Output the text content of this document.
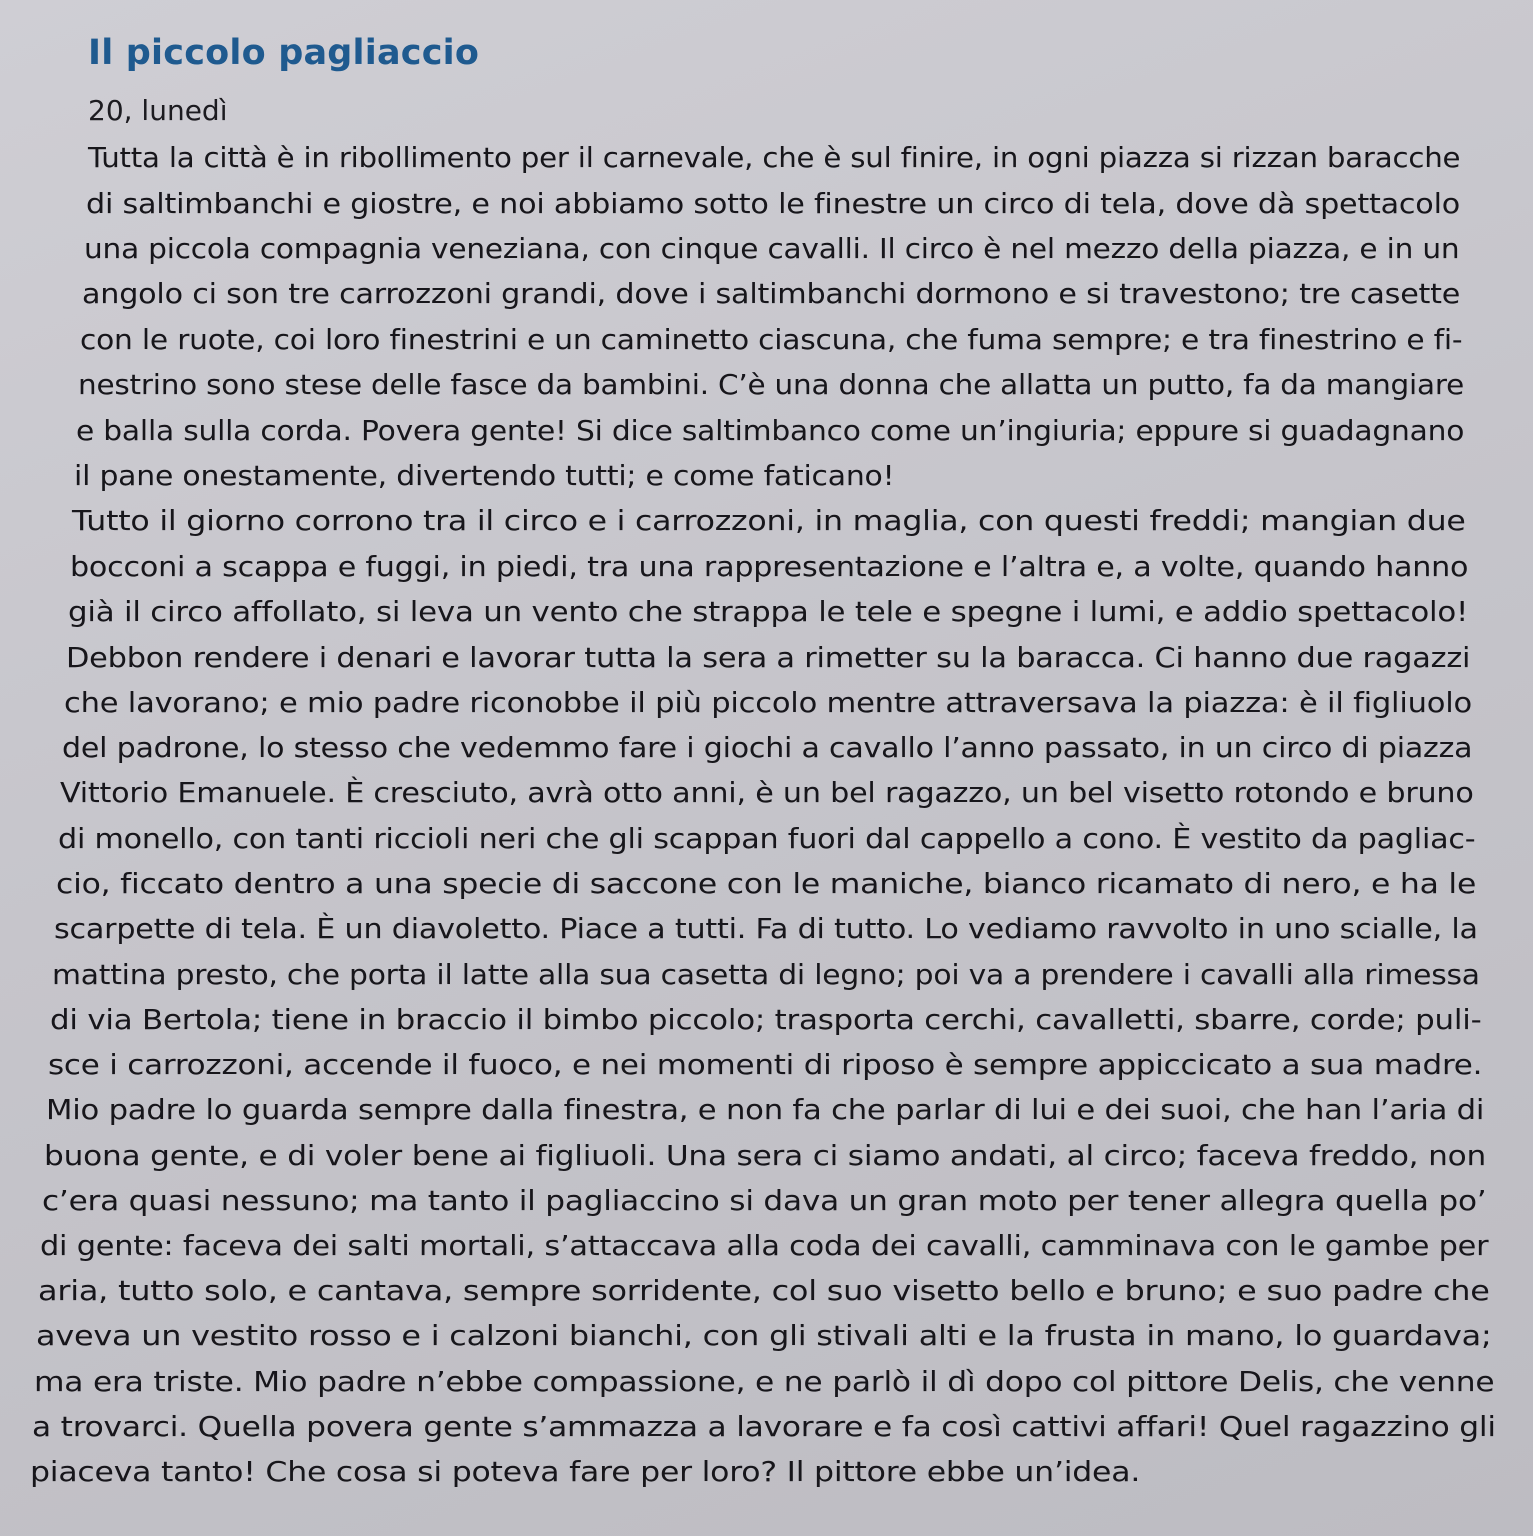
Il piccolo pagliaccio
20, lunedì
Tutta la città è in ribollimento per il carnevale, che è sul finire, in ogni piazza si rizzan baracche
di saltimbanchi e giostre, e noi abbiamo sotto le finestre un circo di tela, dove dà spettacolo
una piccola compagnia veneziana, con cinque cavalli. Il circo è nel mezzo della piazza, e in un
angolo ci son tre carrozzoni grandi, dove i saltimbanchi dormono e si travestono; tre casette
con le ruote, coi loro finestrini e un caminetto ciascuna, che fuma sempre; e tra finestrino e fi-
nestrino sono stese delle fasce da bambini. C’è una donna che allatta un putto, fa da mangiare
e balla sulla corda. Povera gente! Si dice saltimbanco come un’ingiuria; eppure si guadagnano
il pane onestamente, divertendo tutti; e come faticano!
Tutto il giorno corrono tra il circo e i carrozzoni, in maglia, con questi freddi; mangian due
bocconi a scappa e fuggi, in piedi, tra una rappresentazione e l’altra e, a volte, quando hanno
già il circo affollato, si leva un vento che strappa le tele e spegne i lumi, e addio spettacolo!
Debbon rendere i denari e lavorar tutta la sera a rimetter su la baracca. Ci hanno due ragazzi
che lavorano; e mio padre riconobbe il più piccolo mentre attraversava la piazza: è il figliuolo
del padrone, lo stesso che vedemmo fare i giochi a cavallo l’anno passato, in un circo di piazza
Vittorio Emanuele. È cresciuto, avrà otto anni, è un bel ragazzo, un bel visetto rotondo e bruno
di monello, con tanti riccioli neri che gli scappan fuori dal cappello a cono. È vestito da pagliac-
cio, ficcato dentro a una specie di saccone con le maniche, bianco ricamato di nero, e ha le
scarpette di tela. È un diavoletto. Piace a tutti. Fa di tutto. Lo vediamo ravvolto in uno scialle, la
mattina presto, che porta il latte alla sua casetta di legno; poi va a prendere i cavalli alla rimessa
di via Bertola; tiene in braccio il bimbo piccolo; trasporta cerchi, cavalletti, sbarre, corde; puli-
sce i carrozzoni, accende il fuoco, e nei momenti di riposo è sempre appiccicato a sua madre.
Mio padre lo guarda sempre dalla finestra, e non fa che parlar di lui e dei suoi, che han l’aria di
buona gente, e di voler bene ai figliuoli. Una sera ci siamo andati, al circo; faceva freddo, non
c’era quasi nessuno; ma tanto il pagliaccino si dava un gran moto per tener allegra quella po’
di gente: faceva dei salti mortali, s’attaccava alla coda dei cavalli, camminava con le gambe per
aria, tutto solo, e cantava, sempre sorridente, col suo visetto bello e bruno; e suo padre che
aveva un vestito rosso e i calzoni bianchi, con gli stivali alti e la frusta in mano, lo guardava;
ma era triste. Mio padre n’ebbe compassione, e ne parlò il dì dopo col pittore Delis, che venne
a trovarci. Quella povera gente s’ammazza a lavorare e fa così cattivi affari! Quel ragazzino gli
piaceva tanto! Che cosa si poteva fare per loro? Il pittore ebbe un’idea.
